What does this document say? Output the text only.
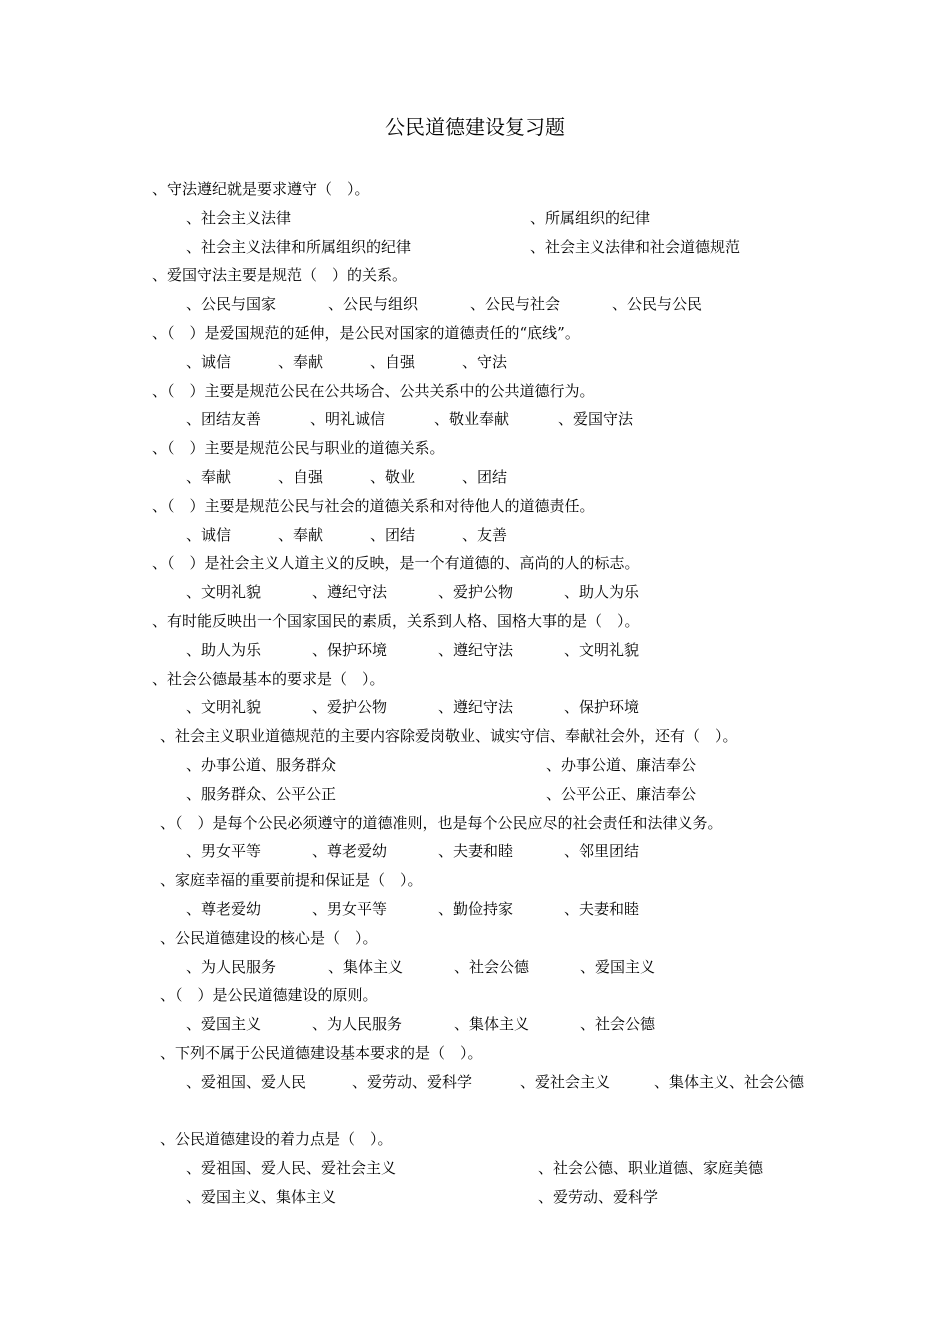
公民道德建设复习题
、守法遵纪就是要求遵守（　）。
、社会主义法律	、所属组织的纪律
、社会主义法律和所属组织的纪律	、社会主义法律和社会道德规范
、爱国守法主要是规范（　）的关系。
、公民与国家	、公民与组织	、公民与社会	、公民与公民
、（　）是爱国规范的延伸，是公民对国家的道德责任的“底线”。
、诚信	、奉献	、自强	、守法
、（　）主要是规范公民在公共场合、公共关系中的公共道德行为。
、团结友善	、明礼诚信	、敬业奉献	、爱国守法
、（　）主要是规范公民与职业的道德关系。
、奉献	、自强	、敬业	、团结
、（　）主要是规范公民与社会的道德关系和对待他人的道德责任。
、诚信	、奉献	、团结	、友善
、（　）是社会主义人道主义的反映，是一个有道德的、高尚的人的标志。
、文明礼貌	、遵纪守法	、爱护公物	、助人为乐
、有时能反映出一个国家国民的素质，关系到人格、国格大事的是（　）。
、助人为乐	、保护环境	、遵纪守法	、文明礼貌
、社会公德最基本的要求是（　）。
、文明礼貌	、爱护公物	、遵纪守法	、保护环境
、社会主义职业道德规范的主要内容除爱岗敬业、诚实守信、奉献社会外，还有（　）。
、办事公道、服务群众	、办事公道、廉洁奉公
、服务群众、公平公正	、公平公正、廉洁奉公
、（　）是每个公民必须遵守的道德准则，也是每个公民应尽的社会责任和法律义务。
、男女平等	、尊老爱幼	、夫妻和睦	、邻里团结
、家庭幸福的重要前提和保证是（　）。
、尊老爱幼	、男女平等	、勤俭持家	、夫妻和睦
、公民道德建设的核心是（　）。
、为人民服务	、集体主义	、社会公德	、爱国主义
、（　）是公民道德建设的原则。
、爱国主义	、为人民服务	、集体主义	、社会公德
、下列不属于公民道德建设基本要求的是（　）。
、爱祖国、爱人民	、爱劳动、爱科学	、爱社会主义	、集体主义、社会公德
、公民道德建设的着力点是（　）。
、爱祖国、爱人民、爱社会主义	、社会公德、职业道德、家庭美德
、爱国主义、集体主义	、爱劳动、爱科学
